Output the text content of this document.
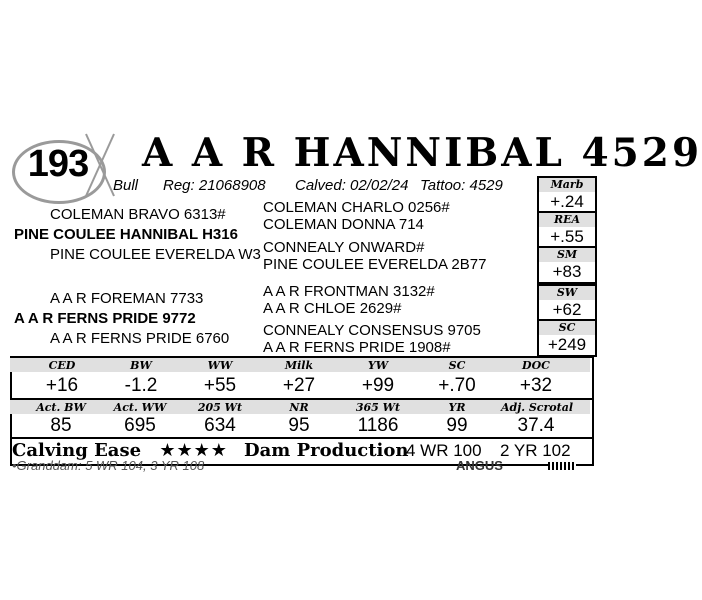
193	A A R HANNIBAL 4529
Bull Reg: 21068908 Calved: 02/02/24 Tattoo: 4529
COLEMAN BRAVO 6313#
PINE COULEE HANNIBAL H316
PINE COULEE EVERELDA W3
A A R FOREMAN 7733
A A R FERNS PRIDE 9772
A A R FERNS PRIDE 6760
COLEMAN CHARLO 0256#
COLEMAN DONNA 714
CONNEALY ONWARD#
PINE COULEE EVERELDA 2B77
A A R FRONTMAN 3132#
A A R CHLOE 2629#
CONNEALY CONSENSUS 9705
A A R FERNS PRIDE 1908#
Marb
+.24
REA
+.55
SM
+83
SW
+62
SC
+249
CED	BW	WW	Milk	YW	SC	DOC
+16	-1.2	+55	+27	+99	+.70	+32
Act. BW	Act. WW	205 Wt	NR	365 Wt	YR	Adj. Scrotal
85	695	634	95	1186	99	37.4
Calving Ease ★★★★ Dam Production
4 WR 100 2 YR 102
•Granddam: 5 WR 104, 3 YR 108	ANGUS
